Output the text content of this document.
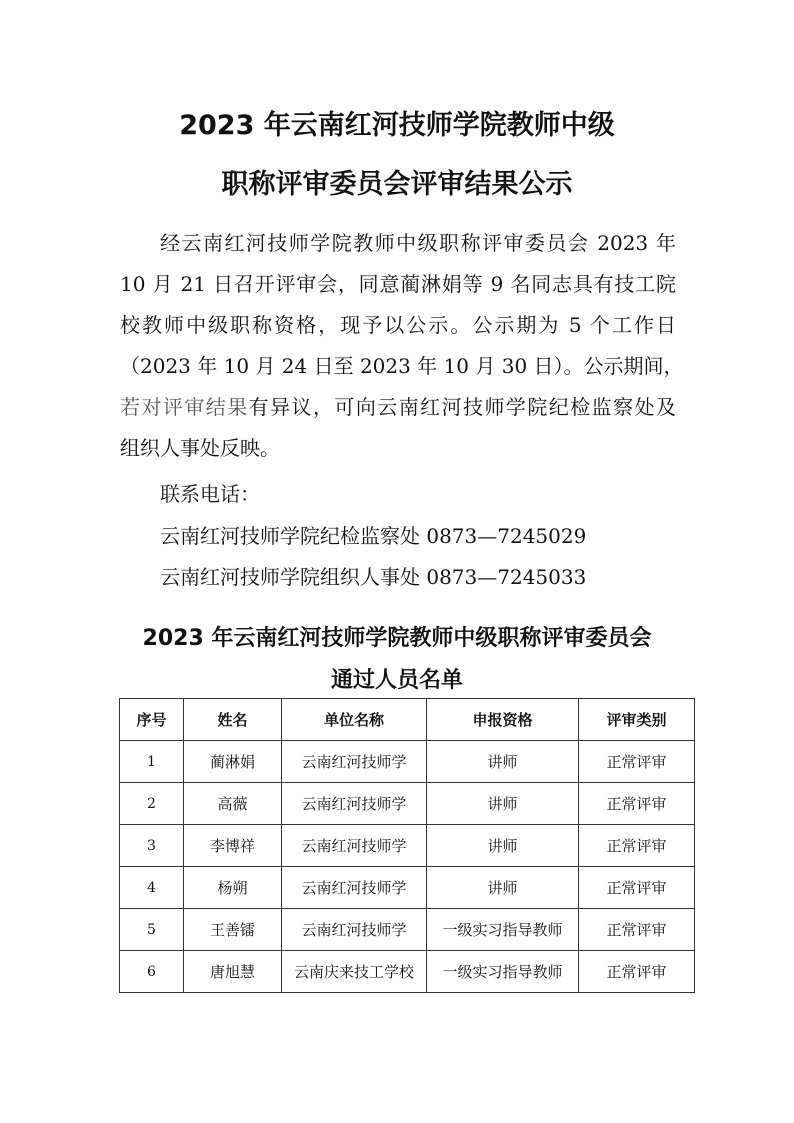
2023 年云南红河技师学院教师中级
职称评审委员会评审结果公示
经云南红河技师学院教师中级职称评审委员会 2023 年
10 月 21 日召开评审会，同意蔺淋娟等 9 名同志具有技工院
校教师中级职称资格，现予以公示。公示期为 5 个工作日
（2023 年 10 月 24 日至 2023 年 10 月 30 日）。公示期间，
若对评审结果有异议，可向云南红河技师学院纪检监察处及
组织人事处反映。
联系电话：
云南红河技师学院纪检监察处 0873—7245029
云南红河技师学院组织人事处 0873—7245033
2023 年云南红河技师学院教师中级职称评审委员会
通过人员名单
序号	姓名	单位名称	申报资格	评审类别
1	蔺淋娟	云南红河技师学	讲师	正常评审
2	高薇	云南红河技师学	讲师	正常评审
3	李博祥	云南红河技师学	讲师	正常评审
4	杨朔	云南红河技师学	讲师	正常评审
5	王善镭	云南红河技师学	一级实习指导教师	正常评审
6	唐旭慧	云南庆来技工学校	一级实习指导教师	正常评审
